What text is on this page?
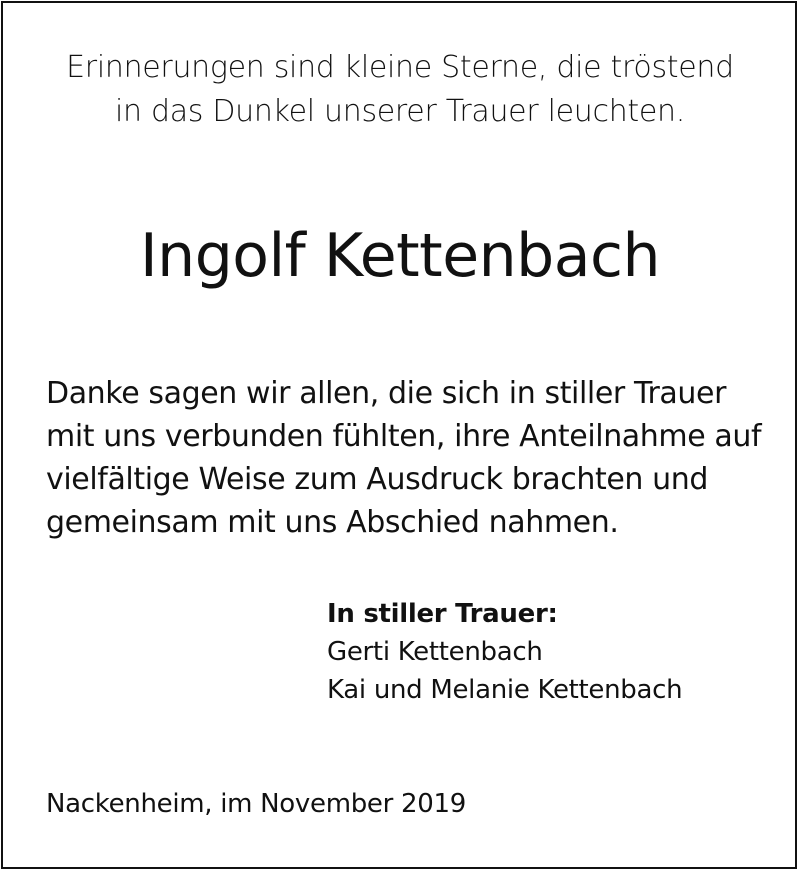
Erinnerungen sind kleine Sterne, die tröstend
in das Dunkel unserer Trauer leuchten.
Ingolf Kettenbach
Danke sagen wir allen, die sich in stiller Trauer
mit uns verbunden fühlten, ihre Anteilnahme auf
vielfältige Weise zum Ausdruck brachten und
gemeinsam mit uns Abschied nahmen.
In stiller Trauer:
Gerti Kettenbach
Kai und Melanie Kettenbach
Nackenheim, im November 2019
